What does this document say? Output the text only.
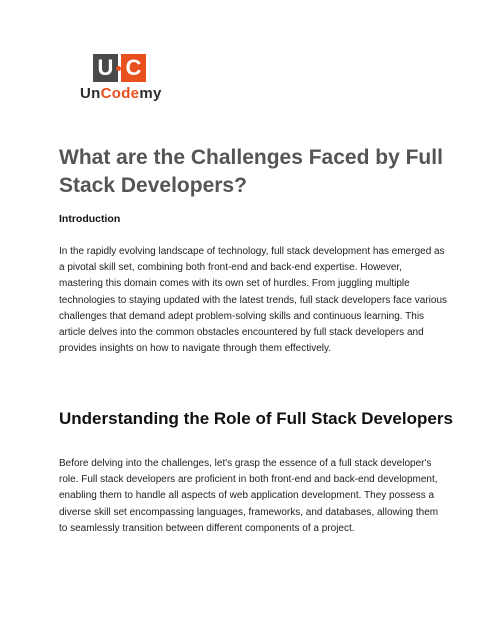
U C
UnCodemy
What are the Challenges Faced by Full Stack Developers?
Introduction

In the rapidly evolving landscape of technology, full stack development has emerged as a pivotal skill set, combining both front-end and back-end expertise. However, mastering this domain comes with its own set of hurdles. From juggling multiple technologies to staying updated with the latest trends, full stack developers face various challenges that demand adept problem-solving skills and continuous learning. This article delves into the common obstacles encountered by full stack developers and provides insights on how to navigate through them effectively.

Understanding the Role of Full Stack Developers

Before delving into the challenges, let's grasp the essence of a full stack developer's role. Full stack developers are proficient in both front-end and back-end development, enabling them to handle all aspects of web application development. They possess a diverse skill set encompassing languages, frameworks, and databases, allowing them to seamlessly transition between different components of a project.
